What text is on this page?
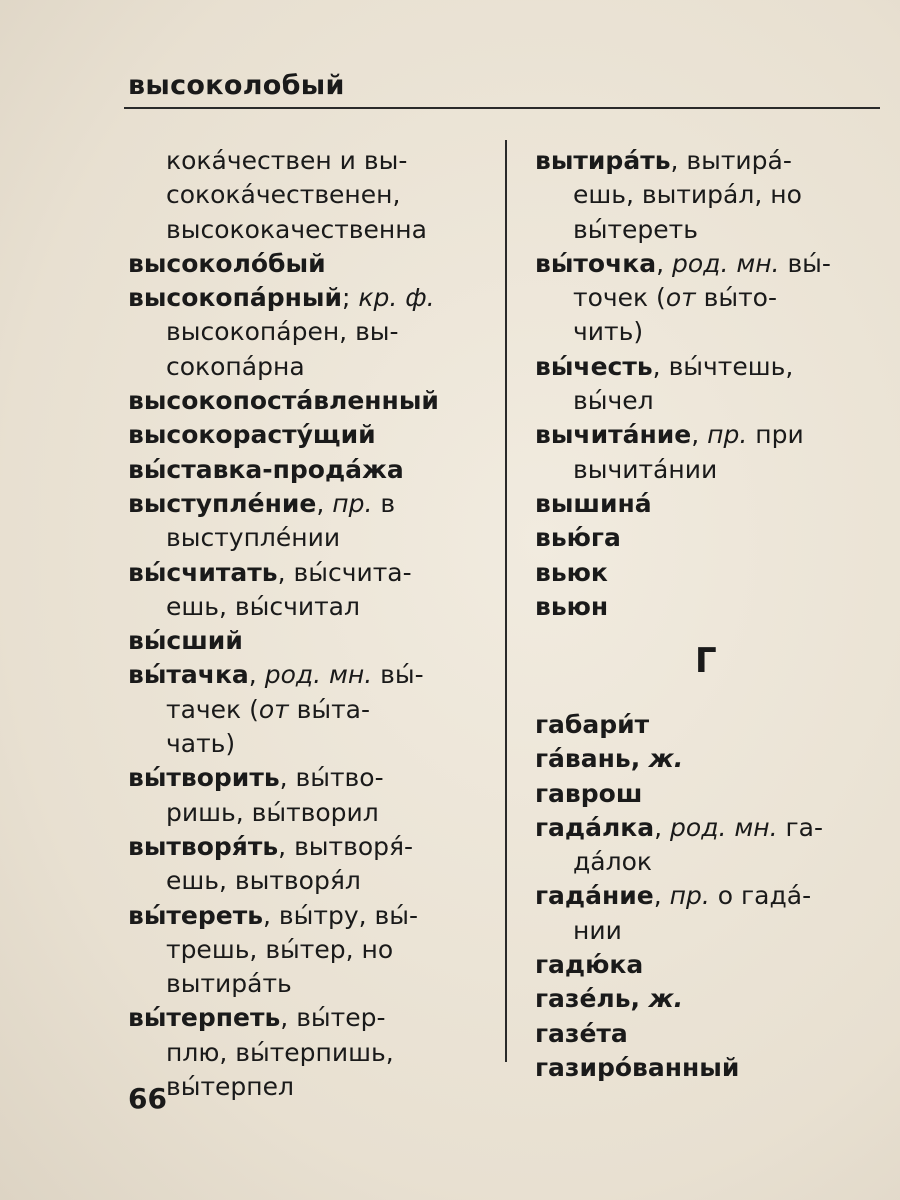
высоколобый
кока́чествен и вы-
сокока́чественен,
высококачественна
высоколо́бый
высокопа́рный; кр. ф.
высокопа́рен, вы-
сокопа́рна
высокопоста́вленный
высокорасту́щий
вы́ставка-прода́жа
выступле́ние, пр. в
выступле́нии
вы́считать, вы́считa-
ешь, вы́считал
вы́сший
вы́тачка, род. мн. вы́-
тачек (от вы́та-
чать)
вы́творить, вы́тво-
ришь, вы́творил
вытворя́ть, вытворя́-
ешь, вытворя́л
вы́тереть, вы́тру, вы́-
трешь, вы́тер, но
вытира́ть
вы́терпеть, вы́тер-
плю, вы́терпишь,
вы́терпел
вытира́ть, вытира́-
ешь, вытира́л, но
вы́тереть
вы́точка, род. мн. вы́-
точек (от вы́то-
чить)
вы́честь, вы́чтешь,
вы́чел
вычита́ние, пр. при
вычита́нии
вышина́
вью́га
вьюк
вьюн
Г
габари́т
га́вань, ж.
гаврош
гада́лка, род. мн. га-
да́лок
гада́ние, пр. о гада́-
нии
гадю́ка
газе́ль, ж.
газе́та
газиро́ванный
66
